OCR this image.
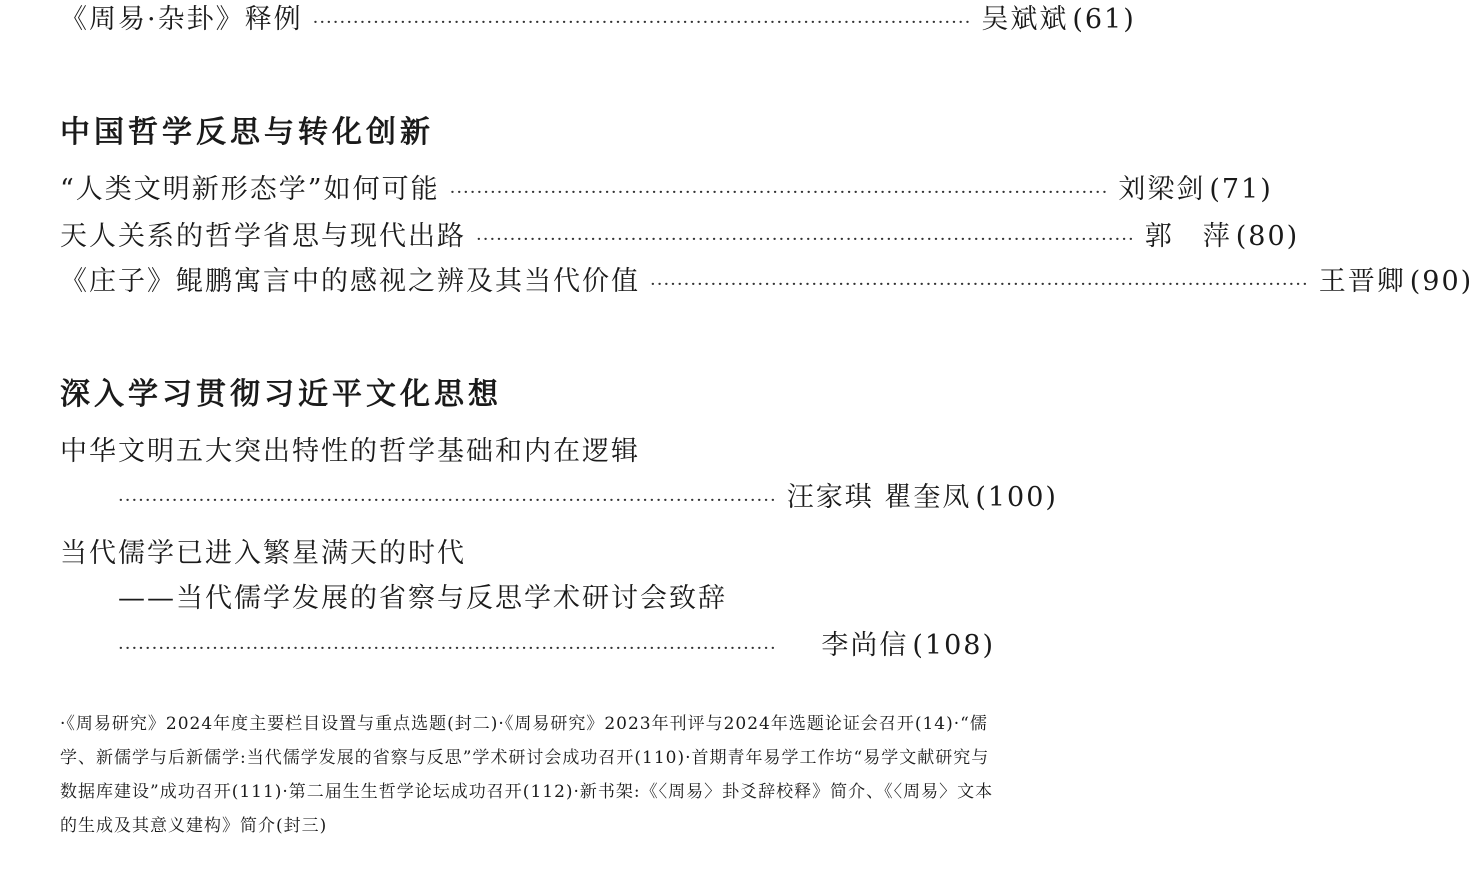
《周易·杂卦》释例 ·································································································· 吴斌斌 (61)
中国哲学反思与转化创新
“人类文明新形态学”如何可能 ·································································································· 刘梁剑 (71)
天人关系的哲学省思与现代出路 ·································································································· 郭　萍 (80)
《庄子》鲲鹏寓言中的感视之辨及其当代价值 ·································································································· 王晋卿 (90)
深入学习贯彻习近平文化思想
中华文明五大突出特性的哲学基础和内在逻辑
·································································································· 汪家琪 瞿奎凤 (100)
当代儒学已进入繁星满天的时代
——当代儒学发展的省察与反思学术研讨会致辞
··································································································	李尚信 (108)
·《周易研究》2024年度主要栏目设置与重点选题(封二)·《周易研究》2023年刊评与2024年选题论证会召开(14)·“儒学、新儒学与后新儒学:当代儒学发展的省察与反思”学术研讨会成功召开(110)·首期青年易学工作坊“易学文献研究与数据库建设”成功召开(111)·第二届生生哲学论坛成功召开(112)·新书架:《〈周易〉卦爻辞校释》简介、《〈周易〉文本的生成及其意义建构》简介(封三)
